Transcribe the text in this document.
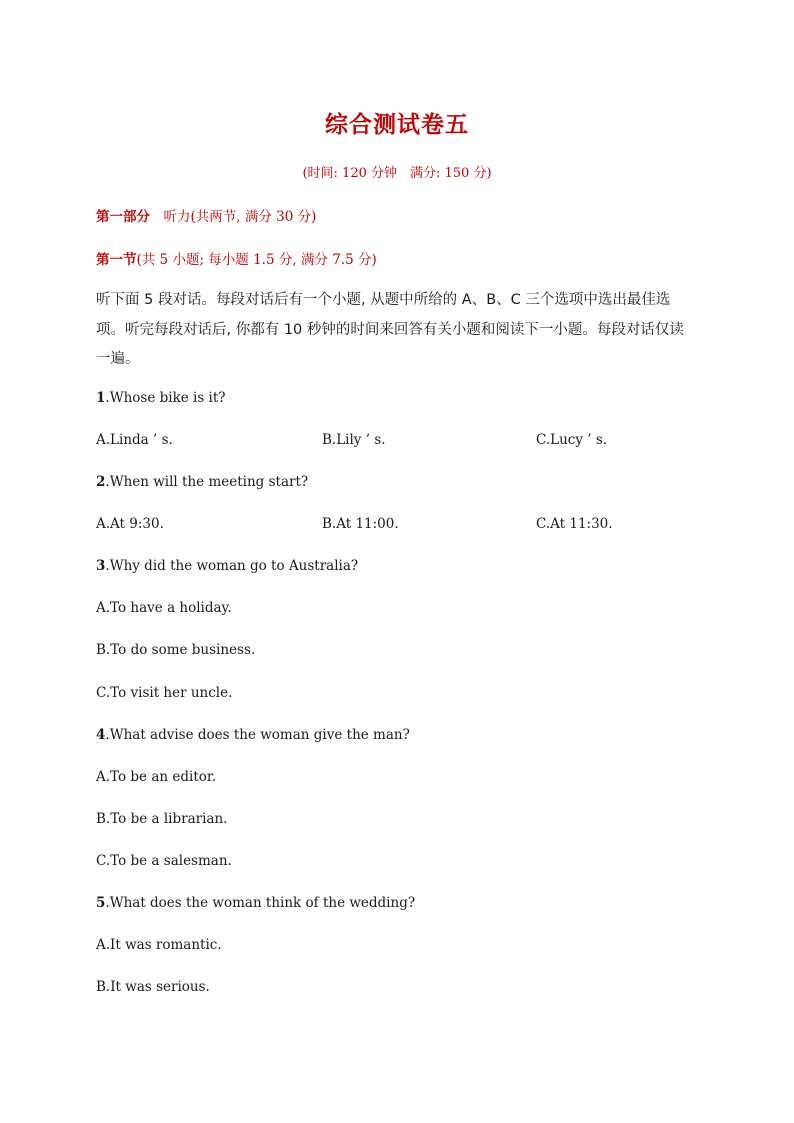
综合测试卷五
(时间: 120 分钟　满分: 150 分)
第一部分　听力(共两节, 满分 30 分)
第一节(共 5 小题; 每小题 1.5 分, 满分 7.5 分)
听下面 5 段对话。每段对话后有一个小题, 从题中所给的 A、B、C 三个选项中选出最佳选项。听完每段对话后, 你都有 10 秒钟的时间来回答有关小题和阅读下一小题。每段对话仅读一遍。
1.Whose bike is it?
A.Linda ’ s.	B.Lily ’ s.	C.Lucy ’ s.
2.When will the meeting start?
A.At 9:30.	B.At 11:00.	C.At 11:30.
3.Why did the woman go to Australia?
A.To have a holiday.
B.To do some business.
C.To visit her uncle.
4.What advise does the woman give the man?
A.To be an editor.
B.To be a librarian.
C.To be a salesman.
5.What does the woman think of the wedding?
A.It was romantic.
B.It was serious.
